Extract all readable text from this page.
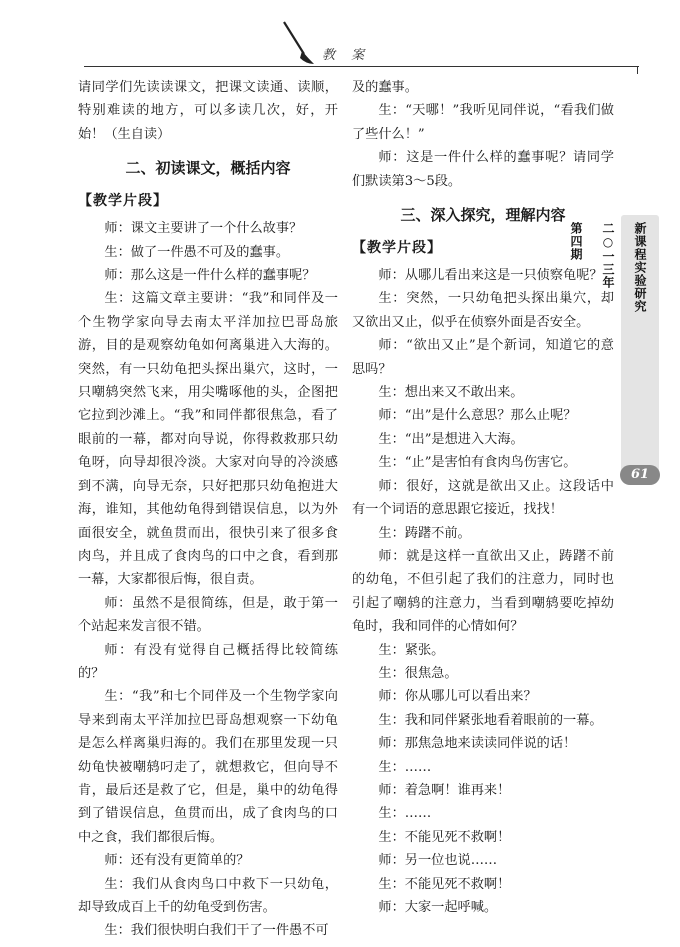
教 案
新课程实验研究
二○一三年
第四期
61

请同学们先读读课文，把课文读通、读顺，特别难读的地方，可以多读几次，好，开始！（生自读）

二、初读课文，概括内容
【教学片段】

师：课文主要讲了一个什么故事？

生：做了一件愚不可及的蠢事。

师：那么这是一件什么样的蠢事呢？

生：这篇文章主要讲：“我”和同伴及一个生物学家向导去南太平洋加拉巴哥岛旅游，目的是观察幼龟如何离巢进入大海的。突然，有一只幼龟把头探出巢穴，这时，一只嘲鸫突然飞来，用尖嘴啄他的头，企图把它拉到沙滩上。“我”和同伴都很焦急，看了眼前的一幕，都对向导说，你得救救那只幼龟呀，向导却很冷淡。大家对向导的冷淡感到不满，向导无奈，只好把那只幼龟抱进大海，谁知，其他幼龟得到错误信息，以为外面很安全，就鱼贯而出，很快引来了很多食肉鸟，并且成了食肉鸟的口中之食，看到那一幕，大家都很后悔，很自责。

师：虽然不是很简练，但是，敢于第一个站起来发言很不错。

师：有没有觉得自己概括得比较简练的？

生：“我”和七个同伴及一个生物学家向导来到南太平洋加拉巴哥岛想观察一下幼龟是怎么样离巢归海的。我们在那里发现一只幼龟快被嘲鸫叼走了，就想救它，但向导不肯，最后还是救了它，但是，巢中的幼龟得到了错误信息，鱼贯而出，成了食肉鸟的口中之食，我们都很后悔。

师：还有没有更简单的？

生：我们从食肉鸟口中救下一只幼龟，却导致成百上千的幼龟受到伤害。

生：我们很快明白我们干了一件愚不可

及的蠢事。

生：“天哪！”我听见同伴说，“看我们做了些什么！”

师：这是一件什么样的蠢事呢？请同学们默读第3～5段。

三、深入探究，理解内容
【教学片段】

师：从哪儿看出来这是一只侦察龟呢？

生：突然，一只幼龟把头探出巢穴，却又欲出又止，似乎在侦察外面是否安全。

师：“欲出又止”是个新词，知道它的意思吗？

生：想出来又不敢出来。

师：“出”是什么意思？那么止呢？

生：“出”是想进入大海。

生：“止”是害怕有食肉鸟伤害它。

师：很好，这就是欲出又止。这段话中有一个词语的意思跟它接近，找找！

生：踌躇不前。

师：就是这样一直欲出又止，踌躇不前的幼龟，不但引起了我们的注意力，同时也引起了嘲鸫的注意力，当看到嘲鸫要吃掉幼龟时，我和同伴的心情如何？

生：紧张。

生：很焦急。

师：你从哪儿可以看出来？

生：我和同伴紧张地看着眼前的一幕。

师：那焦急地来读读同伴说的话！

生：……

师：着急啊！谁再来！

生：……

生：不能见死不救啊！

师：另一位也说……

生：不能见死不救啊！

师：大家一起呼喊。
